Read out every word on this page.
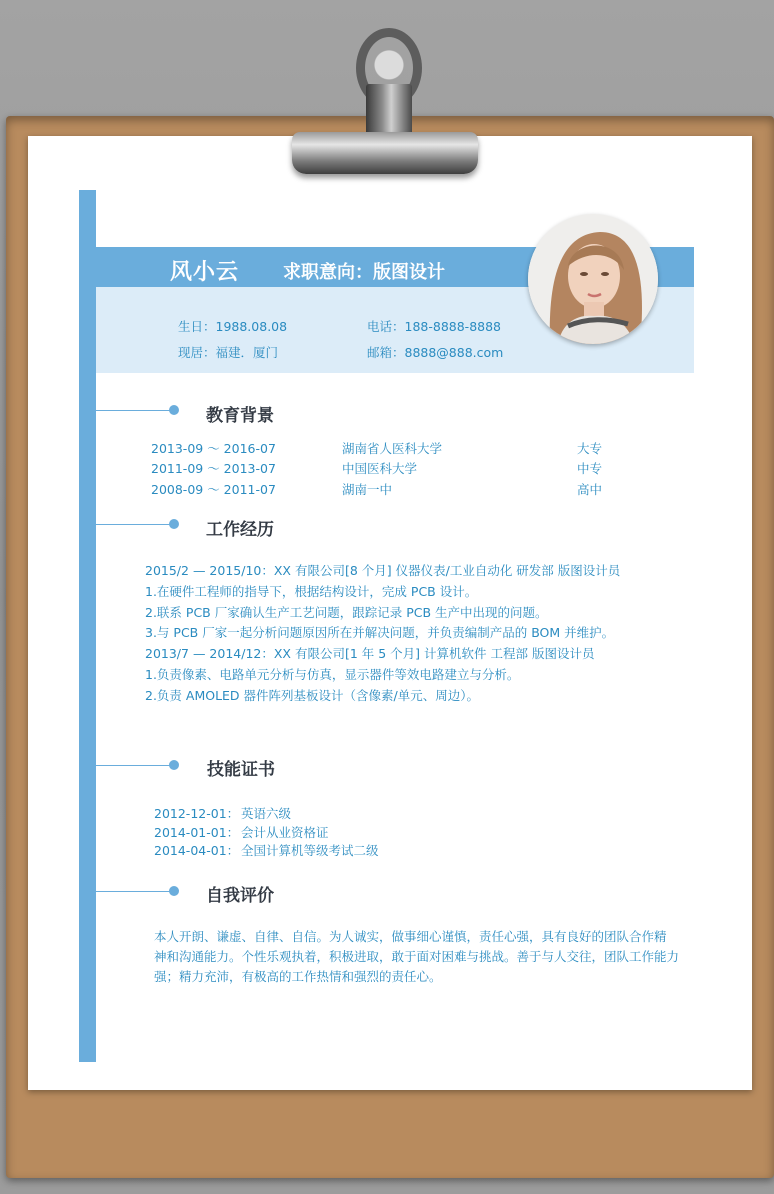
风小云 求职意向：版图设计
生日：1988.08.08	电话：188-8888-8888
现居：福建．厦门	邮箱：8888@888.com
教育背景
2013-09 ～ 2016-07	湖南省人医科大学	大专
2011-09 ～ 2013-07	中国医科大学	中专
2008-09 ～ 2011-07	湖南一中	高中
工作经历
2015/2 — 2015/10：XX 有限公司[8 个月] 仪器仪表/工业自动化 研发部 版图设计员
1.在硬件工程师的指导下，根据结构设计，完成 PCB 设计。
2.联系 PCB 厂家确认生产工艺问题，跟踪记录 PCB 生产中出现的问题。
3.与 PCB 厂家一起分析问题原因所在并解决问题，并负责编制产品的 BOM 并维护。
2013/7 — 2014/12：XX 有限公司[1 年 5 个月] 计算机软件 工程部 版图设计员
1.负责像素、电路单元分析与仿真，显示器件等效电路建立与分析。
2.负责 AMOLED 器件阵列基板设计（含像素/单元、周边）。
技能证书
2012-12-01： 英语六级
2014-01-01： 会计从业资格证
2014-04-01： 全国计算机等级考试二级
自我评价
本人开朗、谦虚、自律、自信。为人诚实，做事细心谨慎，责任心强，具有良好的团队合作精
神和沟通能力。个性乐观执着，积极进取，敢于面对困难与挑战。善于与人交往，团队工作能力
强；精力充沛，有极高的工作热情和强烈的责任心。
